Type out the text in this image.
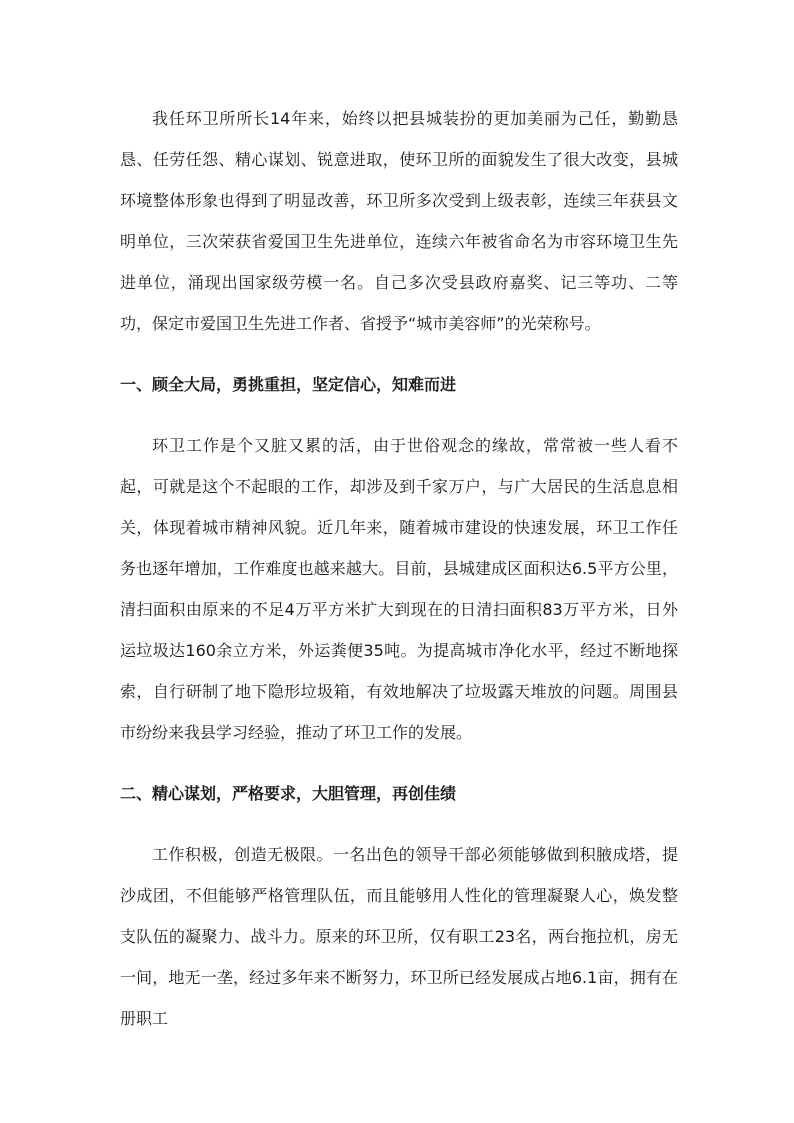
我任环卫所所长14年来，始终以把县城装扮的更加美丽为己任，勤勤恳恳、任劳任怨、精心谋划、锐意进取，使环卫所的面貌发生了很大改变，县城环境整体形象也得到了明显改善，环卫所多次受到上级表彰，连续三年获县文明单位，三次荣获省爱国卫生先进单位，连续六年被省命名为市容环境卫生先进单位，涌现出国家级劳模一名。自己多次受县政府嘉奖、记三等功、二等功，保定市爱国卫生先进工作者、省授予“城市美容师”的光荣称号。

一、顾全大局，勇挑重担，坚定信心，知难而进

环卫工作是个又脏又累的活，由于世俗观念的缘故，常常被一些人看不起，可就是这个不起眼的工作，却涉及到千家万户，与广大居民的生活息息相关，体现着城市精神风貌。近几年来，随着城市建设的快速发展，环卫工作任务也逐年增加，工作难度也越来越大。目前，县城建成区面积达6.5平方公里，清扫面积由原来的不足4万平方米扩大到现在的日清扫面积83万平方米，日外运垃圾达160余立方米，外运粪便35吨。为提高城市净化水平，经过不断地探索，自行研制了地下隐形垃圾箱，有效地解决了垃圾露天堆放的问题。周围县市纷纷来我县学习经验，推动了环卫工作的发展。

二、精心谋划，严格要求，大胆管理，再创佳绩

工作积极，创造无极限。一名出色的领导干部必须能够做到积腋成塔，提沙成团，不但能够严格管理队伍，而且能够用人性化的管理凝聚人心，焕发整支队伍的凝聚力、战斗力。原来的环卫所，仅有职工23名，两台拖拉机，房无一间，地无一垄，经过多年来不断努力，环卫所已经发展成占地6.1亩，拥有在册职工
